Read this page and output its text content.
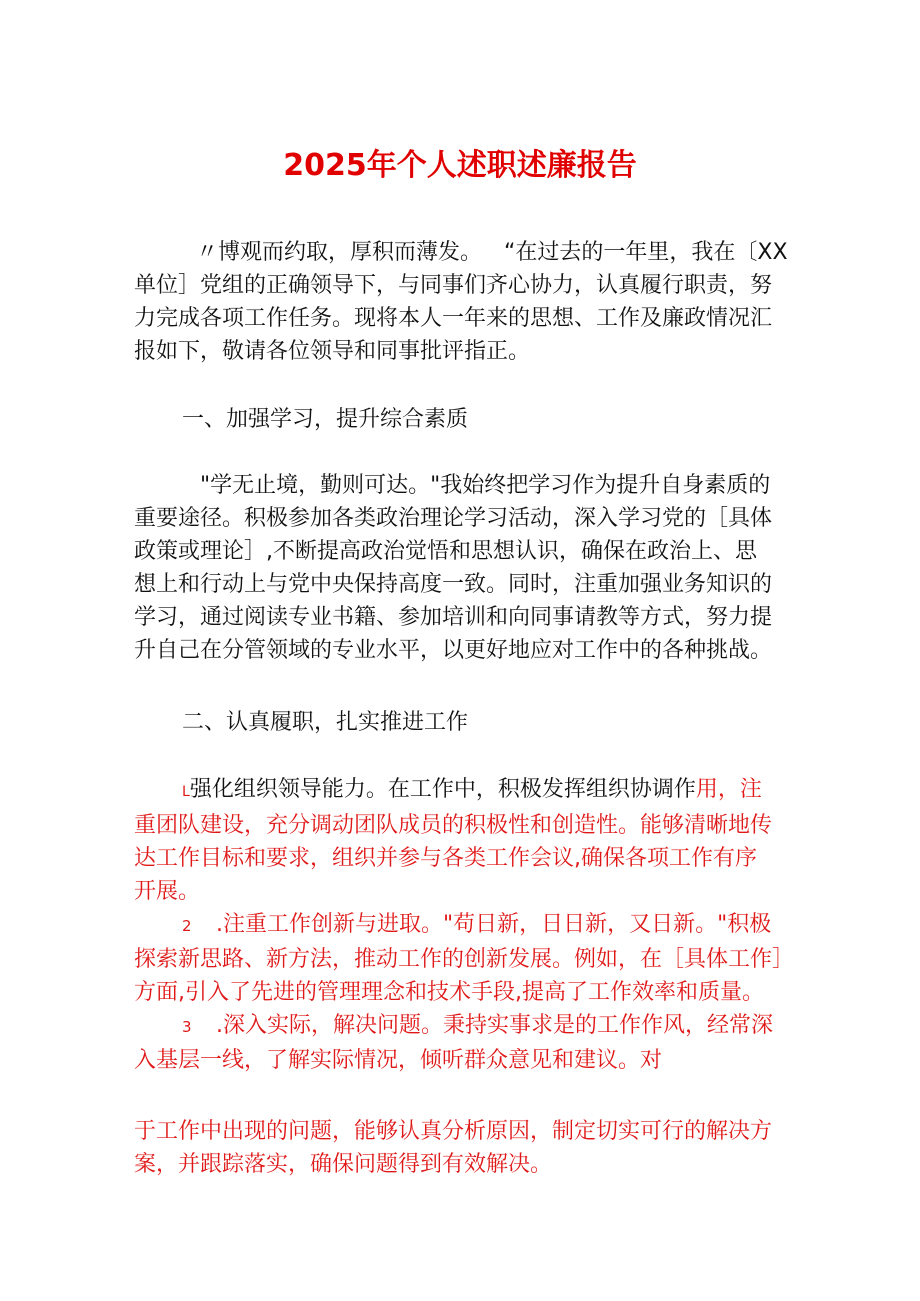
2025年个人述职述廉报告

〃博观而约取，厚积而薄发。 “在过去的一年里，我在〔XX

单位］党组的正确领导下，与同事们齐心协力，认真履行职责，努

力完成各项工作任务。现将本人一年来的思想、工作及廉政情况汇

报如下，敬请各位领导和同事批评指正。

一、加强学习，提升综合素质

"学无止境，勤则可达。"我始终把学习作为提升自身素质的

重要途径。积极参加各类政治理论学习活动，深入学习党的［具体

政策或理论］,不断提高政治觉悟和思想认识，确保在政治上、思

想上和行动上与党中央保持高度一致。同时，注重加强业务知识的

学习，通过阅读专业书籍、参加培训和向同事请教等方式，努力提

升自己在分管领域的专业水平，以更好地应对工作中的各种挑战。

二、认真履职，扎实推进工作

L强化组织领导能力。在工作中，积极发挥组织协调作用，注

重团队建设，充分调动团队成员的积极性和创造性。能够清晰地传

达工作目标和要求，组织并参与各类工作会议,确保各项工作有序

开展。

2 .注重工作创新与进取。"苟日新，日日新，又日新。"积极

探索新思路、新方法，推动工作的创新发展。例如，在［具体工作］

方面,引入了先进的管理理念和技术手段,提高了工作效率和质量。

3 .深入实际，解决问题。秉持实事求是的工作作风，经常深

入基层一线，了解实际情况，倾听群众意见和建议。对

于工作中出现的问题，能够认真分析原因，制定切实可行的解决方

案，并跟踪落实，确保问题得到有效解决。
